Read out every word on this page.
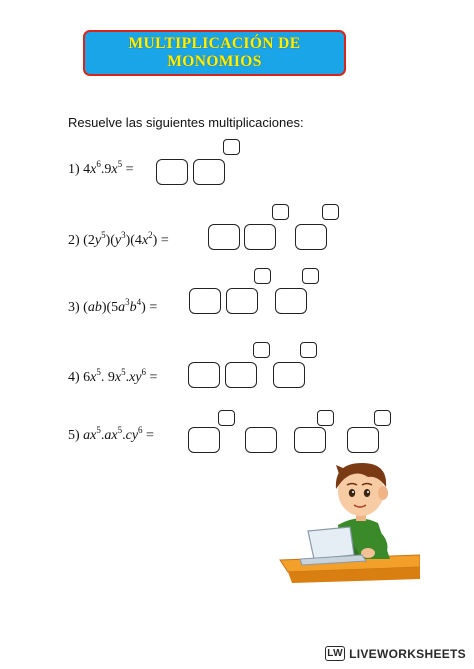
MULTIPLICACIÓN DE
MONOMIOS
Resuelve las siguientes multiplicaciones:
1) $4x^6.9x^5$ =
2) $(2y^5)(y^3)(4x^2)$ =
3) $(ab)(5a^3b^4)$ =
4) $6x^5$. $9x^5.xy^6$ =
5) $ax^5.ax^5.cy^6$ =
LW LIVEWORKSHEETS
